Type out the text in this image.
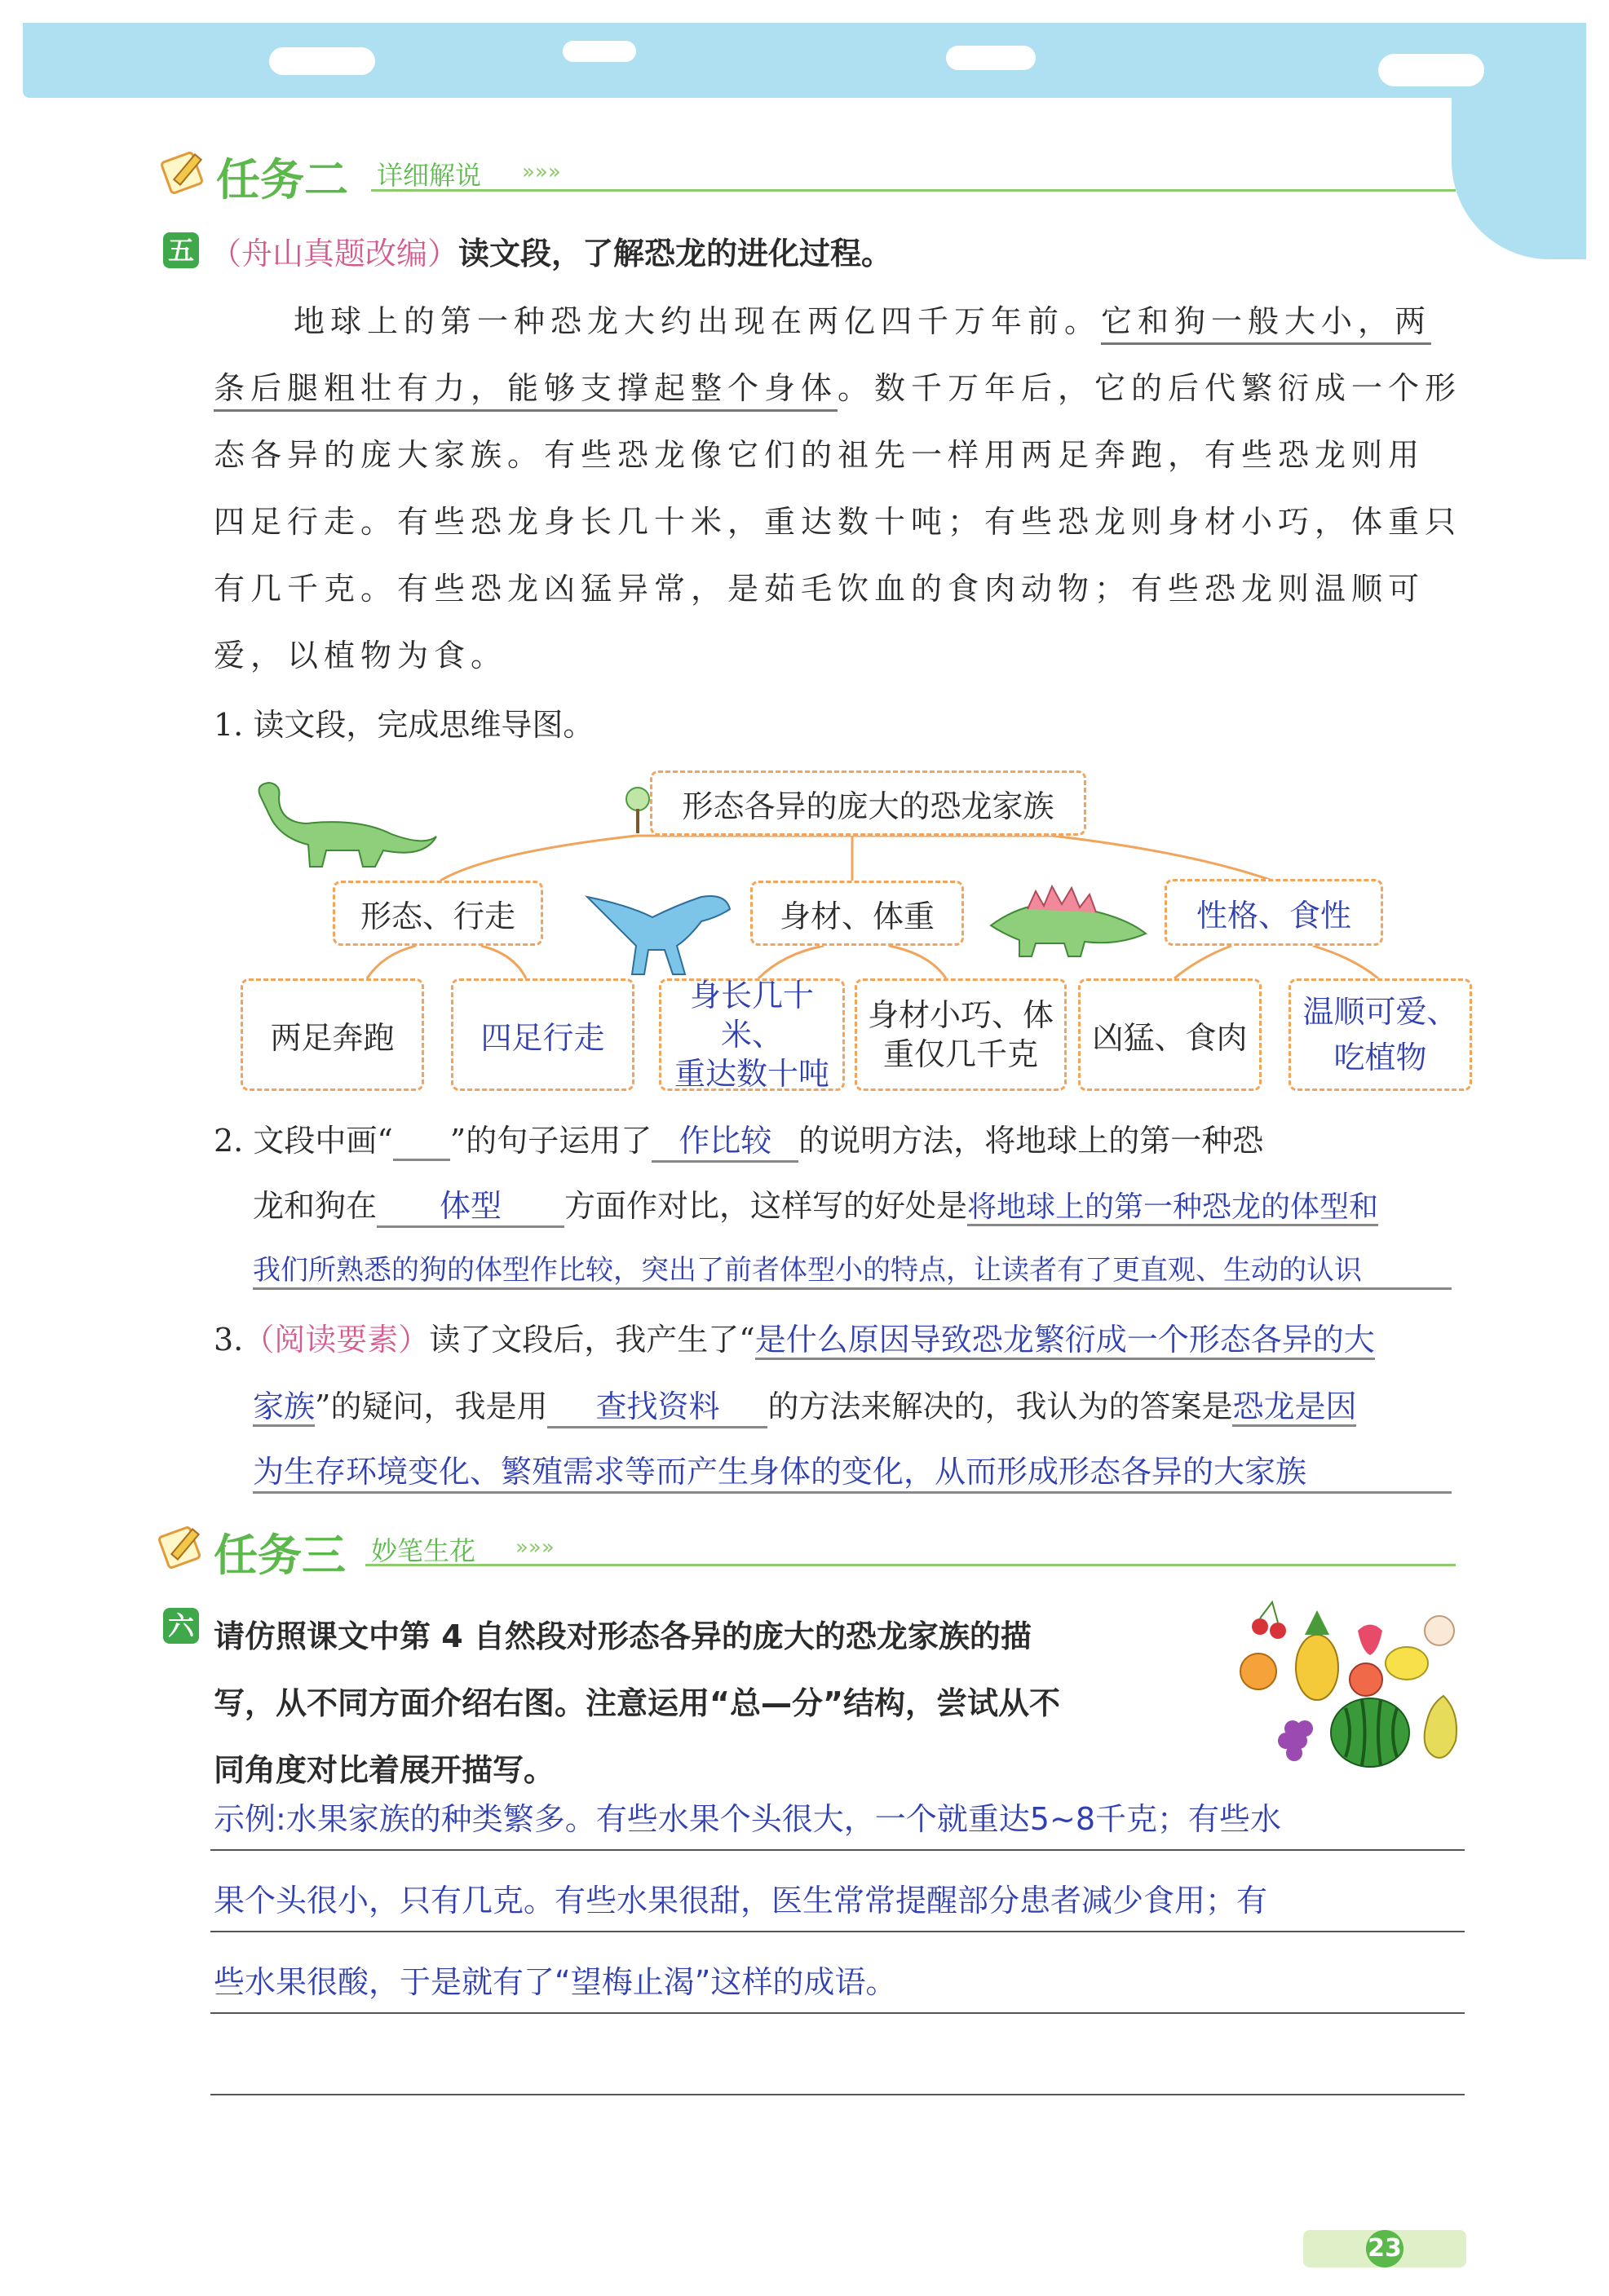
任务二 详细解说 »»»
五 （舟山真题改编）读文段，了解恐龙的进化过程。
地球上的第一种恐龙大约出现在两亿四千万年前。它和狗一般大小，两
条后腿粗壮有力，能够支撑起整个身体。数千万年后，它的后代繁衍成一个形
态各异的庞大家族。有些恐龙像它们的祖先一样用两足奔跑，有些恐龙则用
四足行走。有些恐龙身长几十米，重达数十吨；有些恐龙则身材小巧，体重只
有几千克。有些恐龙凶猛异常，是茹毛饮血的食肉动物；有些恐龙则温顺可
爱，以植物为食。
1. 读文段，完成思维导图。
形态各异的庞大的恐龙家族
形态、行走	身材、体重	性格、食性
两足奔跑	四足行走
身长几十米、
重达数十吨
身材小巧、体
重仅几千克	凶猛、食肉
温顺可爱、
吃植物
2. 文段中画“ ”的句子运用了 作比较 的说明方法，将地球上的第一种恐
龙和狗在 体型 方面作对比，这样写的好处是将地球上的第一种恐龙的体型和
我们所熟悉的狗的体型作比较，突出了前者体型小的特点，让读者有了更直观、生动的认识
3.（阅读要素）读了文段后，我产生了“是什么原因导致恐龙繁衍成一个形态各异的大
家族”的疑问，我是用 查找资料 的方法来解决的，我认为的答案是恐龙是因
为生存环境变化、繁殖需求等而产生身体的变化，从而形成形态各异的大家族
任务三 妙笔生花 »»»
六 请仿照课文中第 4 自然段对形态各异的庞大的恐龙家族的描
写，从不同方面介绍右图。注意运用“总—分”结构，尝试从不
同角度对比着展开描写。
示例:水果家族的种类繁多。有些水果个头很大，一个就重达5~8千克；有些水
果个头很小，只有几克。有些水果很甜，医生常常提醒部分患者减少食用；有
些水果很酸，于是就有了“望梅止渴”这样的成语。
23
